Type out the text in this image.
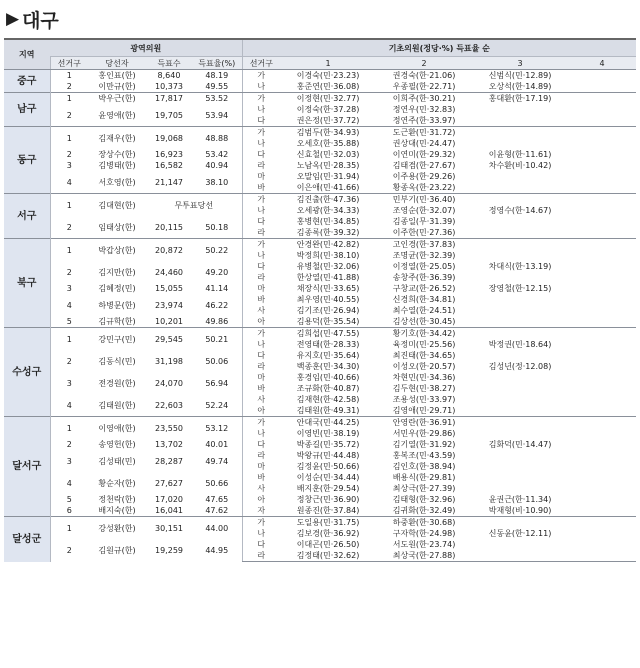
▶ 대구
지역	광역의원				기초의원(정당·%) 득표율 순				
	선거구	당선자	득표수	득표율(%)	선거구	1	2	3	4
중구	1	홍인표(한)	8,640	48.19	가	이경숙(민·23.23)	권경숙(한·21.06)	신범식(민·12.89)	
	2	이만규(한)	10,373	49.55	나	홍준연(민·36.08)	우종필(한·22.71)	오상석(한·14.89)	
남구	1	박우근(한)	17,817	53.52	가	이정현(민·32.77)	이희주(한·30.21)	홍대환(한·17.19)	
	2	윤영애(한)	19,705	53.94	나	이정숙(한·37.28)	정연우(민·32.83)		
					다	권은정(민·37.72)	정연주(한·33.97)		
동구	1	김재우(한)	19,068	48.88	가	김범두(한·34.93)	도근환(민·31.72)		
					나	오세호(한·35.88)	권상대(민·24.47)		
	2	장상수(한)	16,923	53.42	다	신효철(민·32.03)	이연미(한·29.32)	이윤형(한·11.61)	
	3	김병태(한)	16,582	40.94	라	노남옥(민·28.35)	김태겸(한·27.67)	차수환(비·10.42)	
	4	서호영(한)	21,147	38.10	마	오말임(민·31.94)	이주용(한·29.26)		
					바	이은애(민·41.66)	황종옥(한·23.22)		
서구	1	김대현(한)	무투표당선		가	김진출(한·47.36)	민부기(민·36.40)		
					나	오세광(한·34.33)	조영순(한·32.07)	정영수(한·14.67)	
	2	임태상(한)	20,115	50.18	다	홍병현(민·34.85)	김종일(무·31.39)		
					라	김종록(한·39.32)	이주한(민·27.36)		
북구	1	박갑상(한)	20,872	50.22	가	안경완(민·42.82)	고인경(한·37.83)		
					나	박정희(민·38.10)	조명균(한·32.39)		
	2	김지만(한)	24,460	49.20	다	유병철(민·32.06)	이정열(한·25.05)	차대식(한·13.19)	
					라	한상열(민·41.88)	송창주(한·36.39)		
	3	김혜정(민)	15,055	41.14	마	채장식(민·33.65)	구창교(한·26.52)	장영철(한·12.15)	
	4	하병문(한)	23,974	46.22	바	최우영(민·40.55)	신경희(한·34.81)		
					사	김기조(민·26.94)	최수열(한·24.51)		
	5	김규학(한)	10,201	49.86	아	김용덕(한·35.54)	김상선(한·30.45)		
수성구	1	강민구(민)	29,545	50.21	가	김희섭(민·47.55)	황기호(한·34.42)		
					나	전영태(한·28.33)	육정미(민·25.56)	박정권(민·18.64)	
	2	김동식(민)	31,198	50.06	다	유지호(민·35.64)	최진태(한·34.65)		
					라	백종훈(민·34.30)	이성오(한·20.57)	김성년(정·12.08)	
	3	전경원(한)	24,070	56.94	마	홍경임(민·40.66)	차현민(민·34.36)		
					바	조규화(한·40.87)	김두현(민·38.27)		
	4	김태원(한)	22,603	52.24	사	김재현(한·42.58)	조용성(민·33.97)		
					아	김태원(한·49.31)	김영애(민·29.71)		
달서구	1	이영애(한)	23,550	53.12	가	안대국(민·44.25)	안영란(한·36.91)		
					나	이영빈(민·38.19)	서민우(한·29.86)		
	2	송영헌(한)	13,702	40.01	다	박종길(민·35.72)	김기열(한·31.92)	김화덕(민·14.47)	
	3	김성태(민)	28,287	49.74	라	박왕규(민·44.48)	홍복조(민·43.59)		
					마	김정윤(민·50.66)	김인호(한·38.94)		
	4	황순자(한)	27,627	50.66	바	이성순(민·34.44)	배용식(한·29.81)		
					사	배지훈(한·29.54)	최상극(한·27.39)		
	5	정천락(한)	17,020	47.65	아	정창근(민·36.90)	김태형(한·32.96)	윤권근(한·11.34)	
	6	배지숙(한)	16,041	47.62	자	원종진(한·37.84)	김귀화(한·32.49)	박재형(비·10.90)	
달성군	1	강성환(한)	30,151	44.00	가	도일용(민·31.75)	하중환(한·30.68)		
					나	김보경(한·36.92)	구자학(한·24.98)	신동윤(한·12.11)	
	2	김원규(한)	19,259	44.95	다	이대곤(민·26.50)	서도원(한·23.74)		
					라	김정태(민·32.62)	최상국(한·27.88)		
